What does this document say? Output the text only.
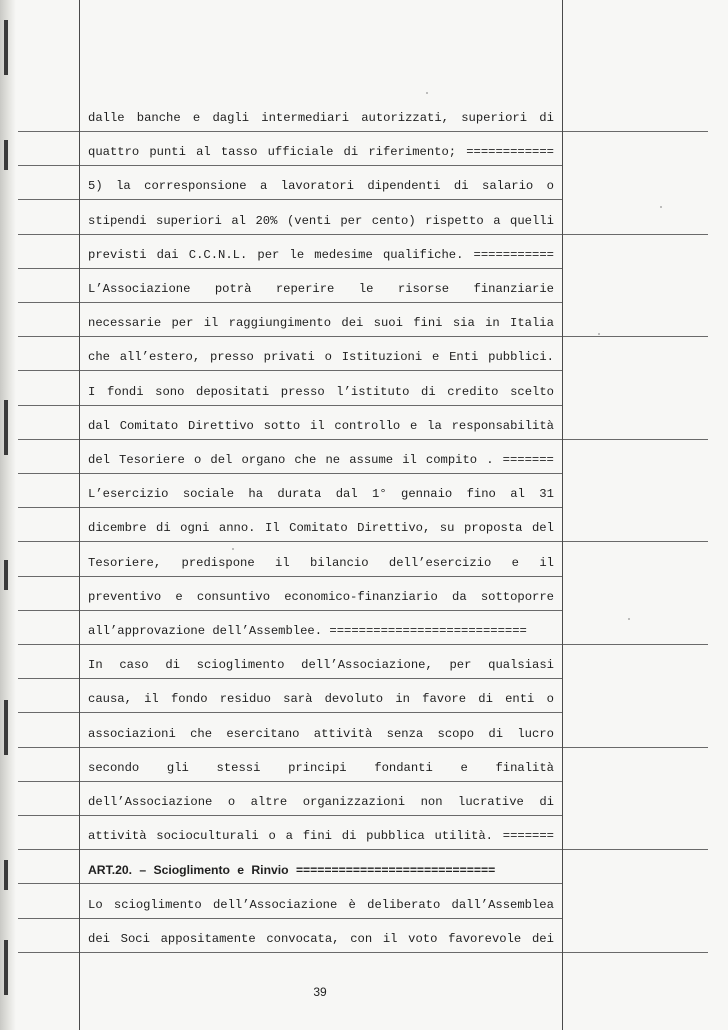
dalle banche e dagli intermediari autorizzati, superiori di
quattro punti al tasso ufficiale di riferimento; ============
5) la corresponsione a lavoratori dipendenti di salario o
stipendi superiori al 20% (venti per cento) rispetto a quelli
previsti dai C.C.N.L. per le medesime qualifiche. ===========
L’Associazione potrà reperire le risorse finanziarie
necessarie per il raggiungimento dei suoi fini sia in Italia
che all’estero, presso privati o Istituzioni e Enti pubblici.
I fondi sono depositati presso l’istituto di credito scelto
dal Comitato Direttivo sotto il controllo e la responsabilità
del Tesoriere o del organo che ne assume il compito . =======
L’esercizio sociale ha durata dal 1° gennaio fino al 31
dicembre di ogni anno. Il Comitato Direttivo, su proposta del
Tesoriere, predispone il bilancio dell’esercizio e il
preventivo e consuntivo economico-finanziario da sottoporre
all’approvazione dell’Assemblee. ===========================
In caso di scioglimento dell’Associazione, per qualsiasi
causa, il fondo residuo sarà devoluto in favore di enti o
associazioni che esercitano attività senza scopo di lucro
secondo gli stessi principi fondanti e finalità
dell’Associazione o altre organizzazioni non lucrative di
attività socioculturali o a fini di pubblica utilità. =======
ART.20. – Scioglimento e Rinvio ============================
Lo scioglimento dell’Associazione è deliberato dall’Assemblea
dei Soci appositamente convocata, con il voto favorevole dei
39
